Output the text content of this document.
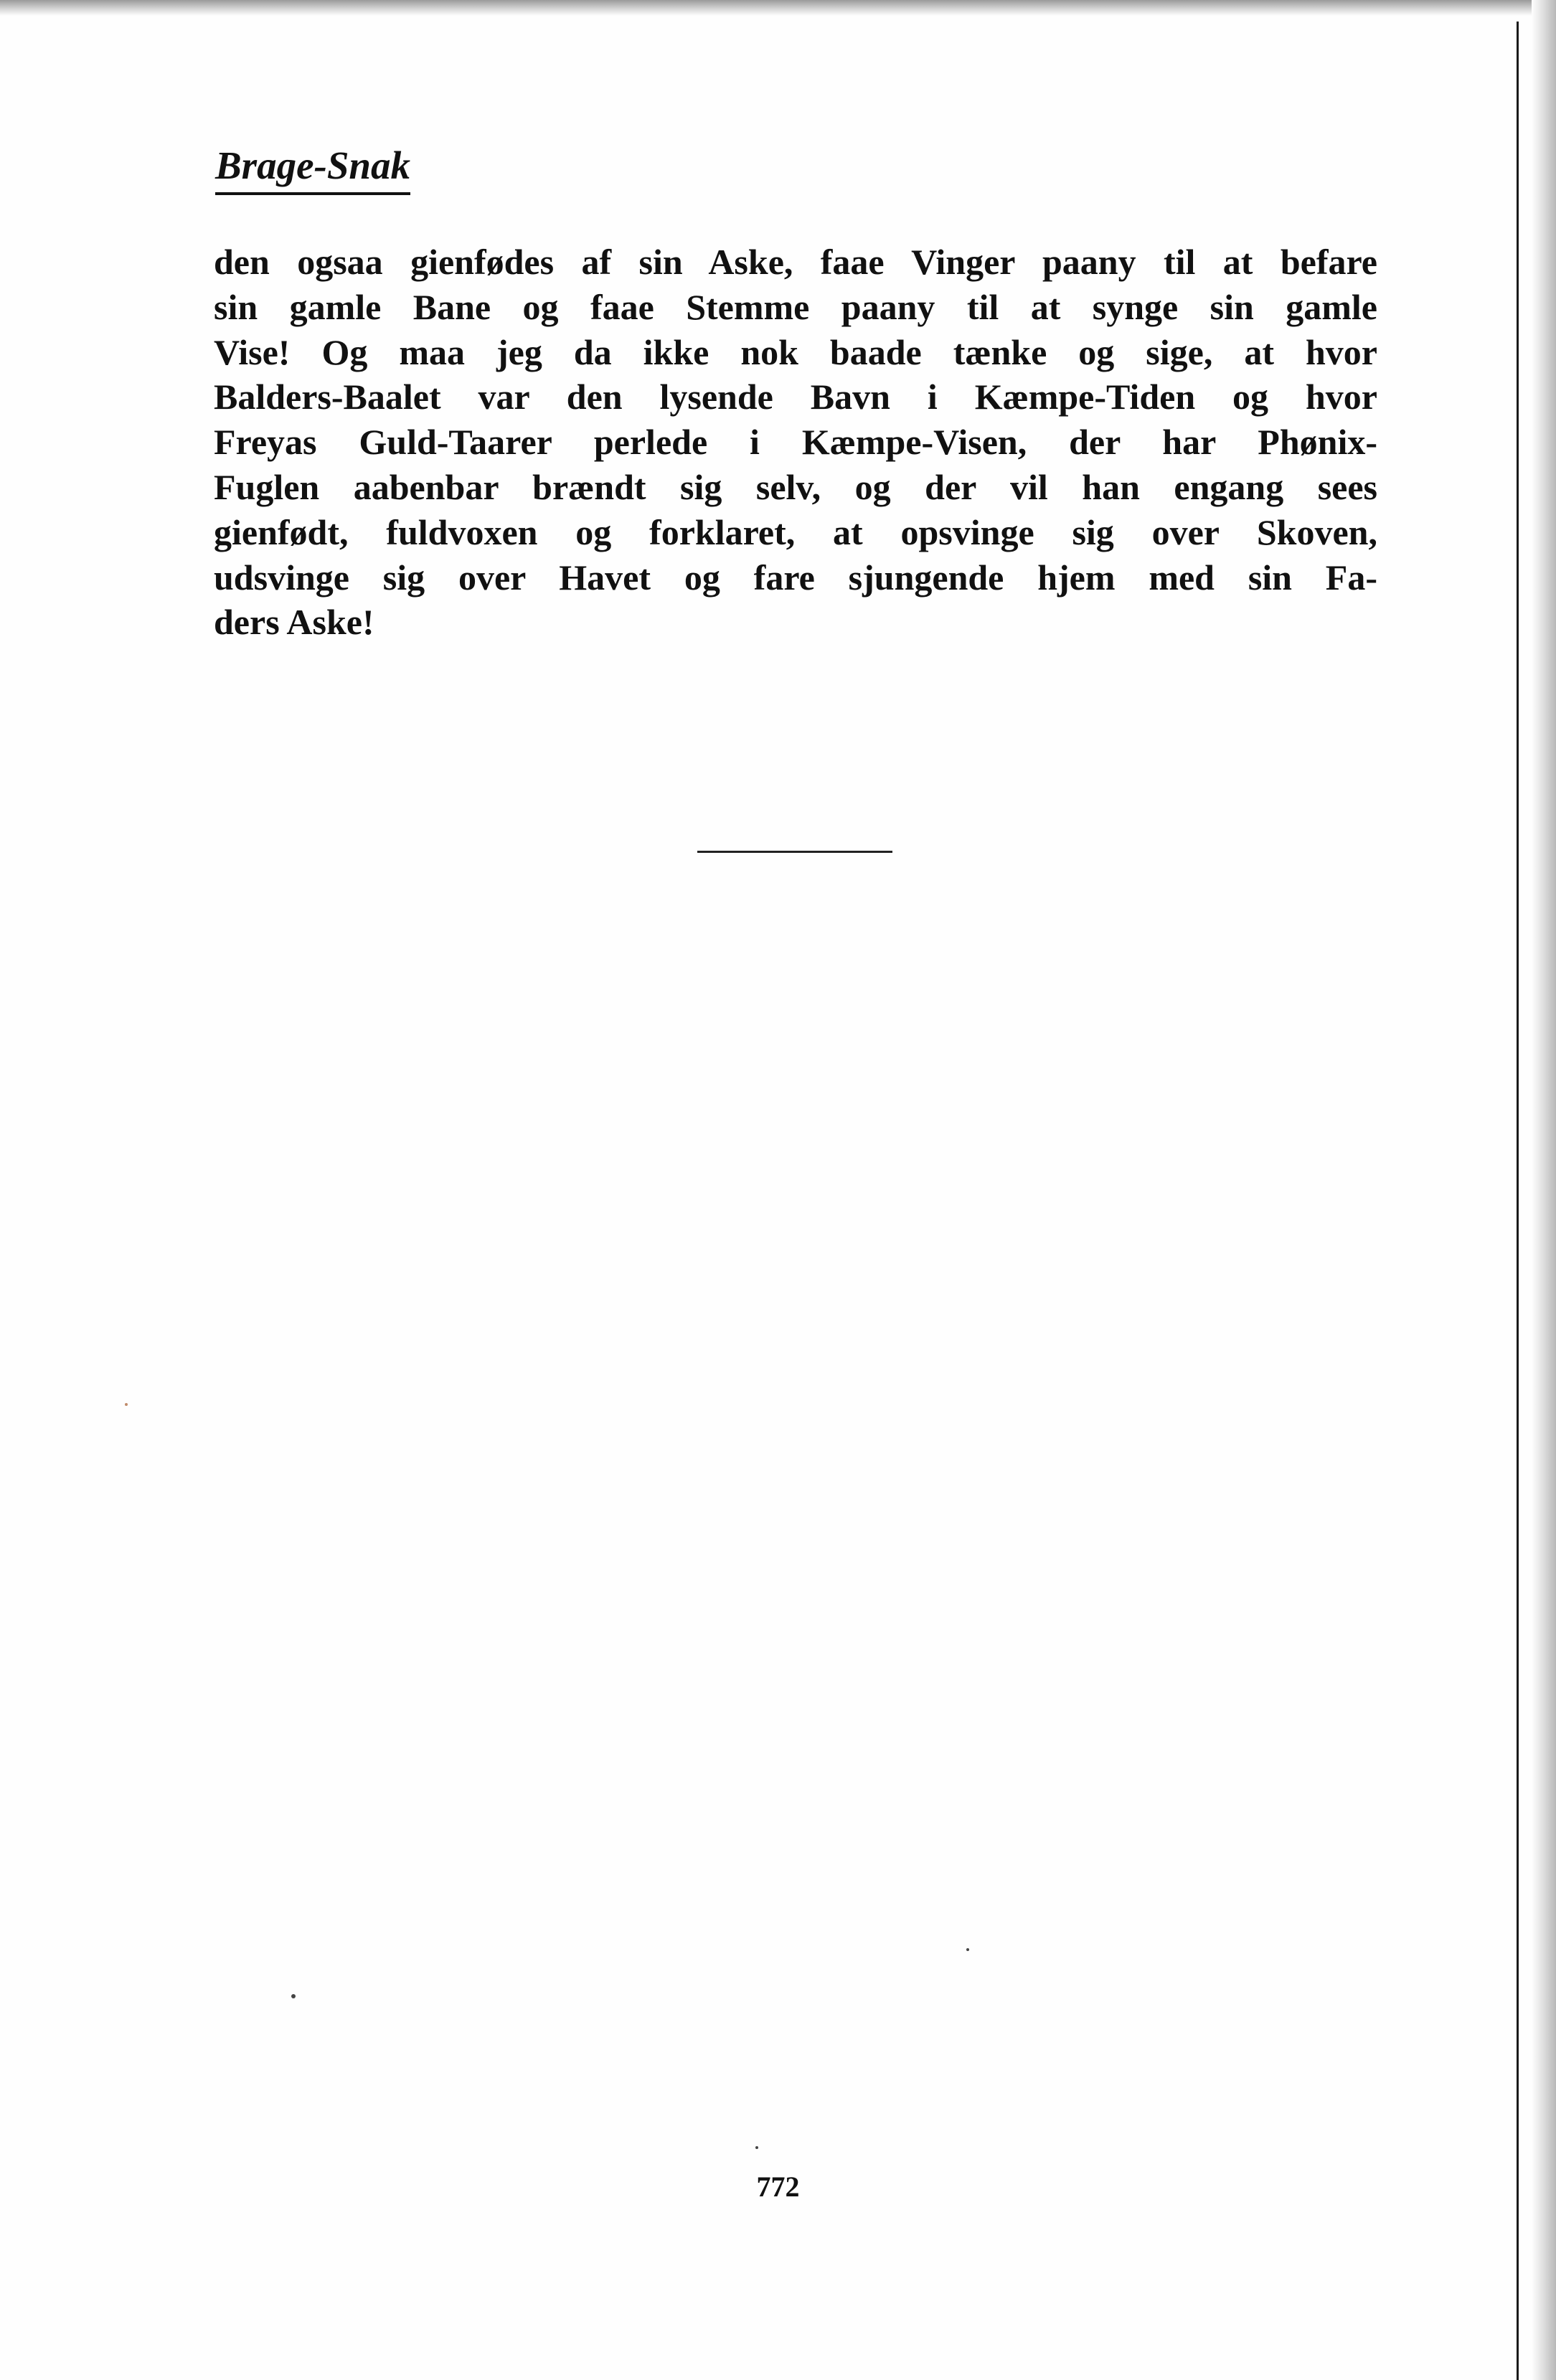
Brage-Snak
den ogsaa gienfødes af sin Aske, faae Vinger paany til at befare
sin gamle Bane og faae Stemme paany til at synge sin gamle
Vise! Og maa jeg da ikke nok baade tænke og sige, at hvor
Balders-Baalet var den lysende Bavn i Kæmpe-Tiden og hvor
Freyas Guld-Taarer perlede i Kæmpe-Visen, der har Phønix-
Fuglen aabenbar brændt sig selv, og der vil han engang sees
gienfødt, fuldvoxen og forklaret, at opsvinge sig over Skoven,
udsvinge sig over Havet og fare sjungende hjem med sin Fa-
ders Aske!
772
